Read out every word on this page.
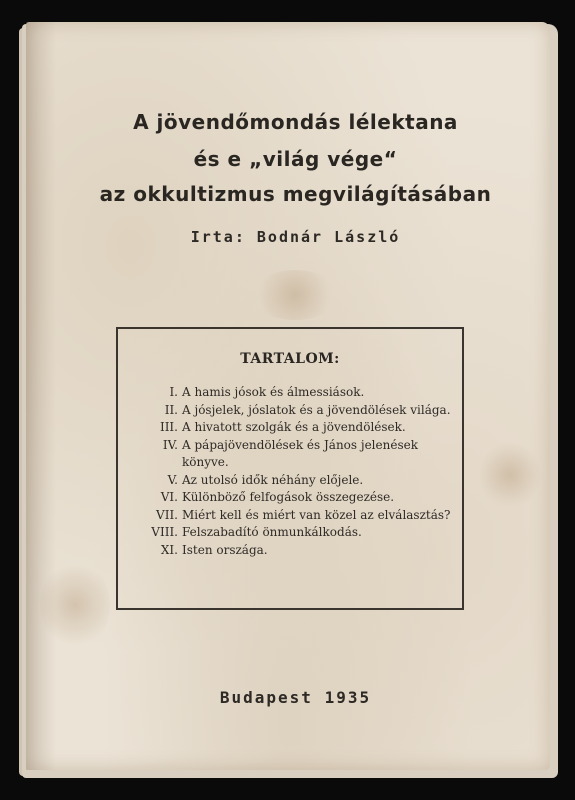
A jövendőmondás lélektana
és e „világ vége“
az okkultizmus megvilágításában
Irta: Bodnár László
TARTALOM:
I. A hamis jósok és álmessiások.
II. A jósjelek, jóslatok és a jövendölések világa.
III. A hivatott szolgák és a jövendölések.
IV. A pápajövendölések és János jelenések könyve.
V. Az utolsó idők néhány előjele.
VI. Különböző felfogások összegezése.
VII. Miért kell és miért van közel az elválasztás?
VIII. Felszabadító önmunkálkodás.
XI. Isten országa.
Budapest 1935
